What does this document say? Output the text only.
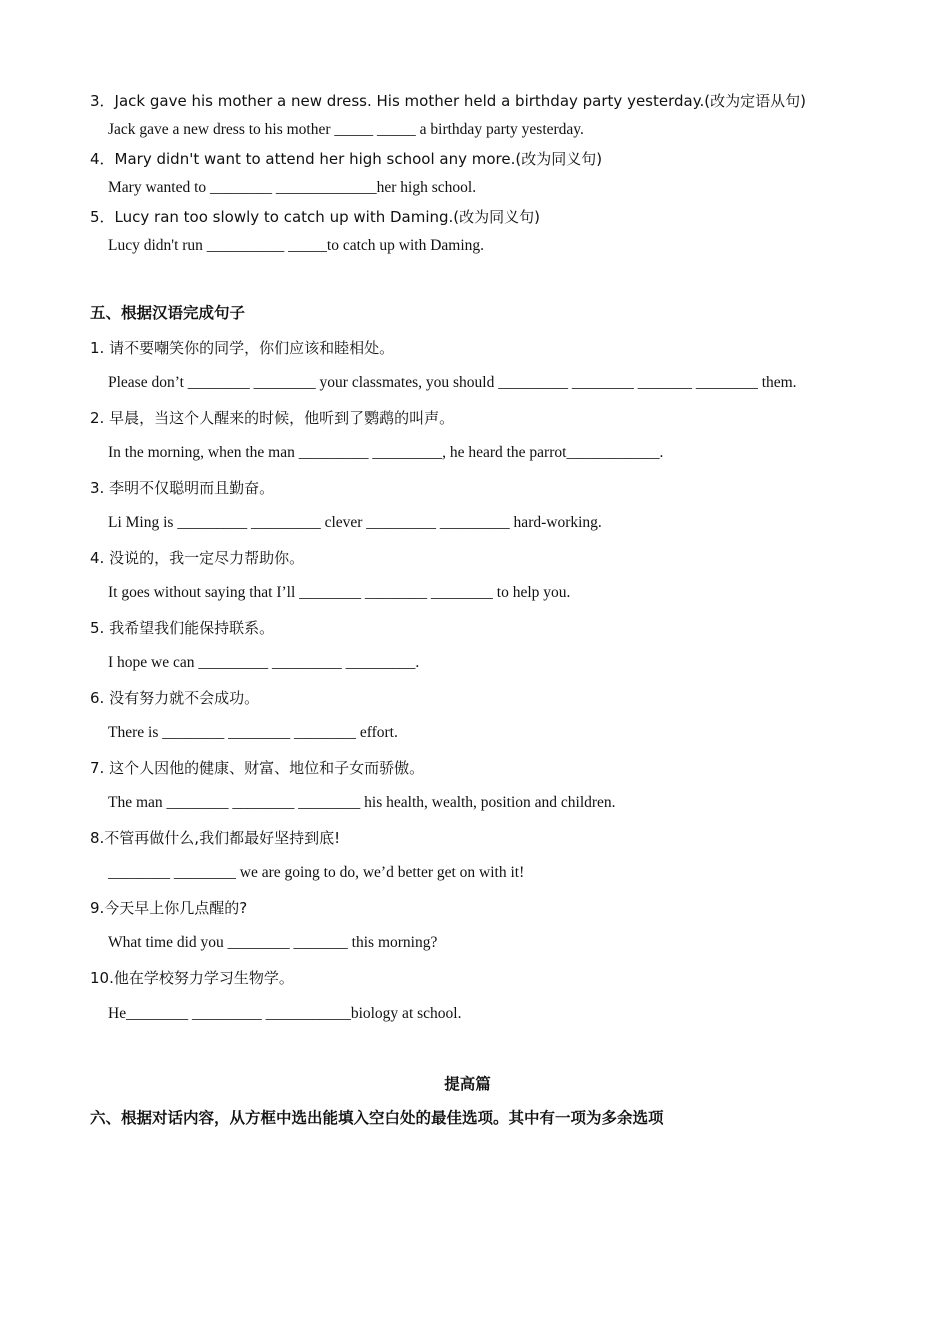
3．Jack gave his mother a new dress. His mother held a birthday party yesterday.(改为定语从句)
Jack gave a new dress to his mother _____ _____ a birthday party yesterday.
4．Mary didn't want to attend her high school any more.(改为同义句)
Mary wanted to ________ _____________her high school.
5．Lucy ran too slowly to catch up with Daming.(改为同义句)
Lucy didn't run __________ _____to catch up with Daming.
五、根据汉语完成句子
1. 请不要嘲笑你的同学，你们应该和睦相处。
Please don’t ________ ________ your classmates, you should _________ ________ _______ ________ them.
2. 早晨，当这个人醒来的时候，他听到了鹦鹉的叫声。
In the morning, when the man _________ _________, he heard the parrot____________.
3. 李明不仅聪明而且勤奋。
Li Ming is _________ _________ clever _________ _________ hard-working.
4. 没说的，我一定尽力帮助你。
It goes without saying that I’ll ________ ________ ________ to help you.
5. 我希望我们能保持联系。
I hope we can _________ _________ _________.
6. 没有努力就不会成功。
There is ________ ________ ________ effort.
7. 这个人因他的健康、财富、地位和子女而骄傲。
The man ________ ________ ________ his health, wealth, position and children.
8.不管再做什么,我们都最好坚持到底!
________ ________ we are going to do, we’d better get on with it!
9.今天早上你几点醒的?
What time did you ________ _______ this morning?
10.他在学校努力学习生物学。
He________ _________ ___________biology at school.
提高篇
六、根据对话内容，从方框中选出能填入空白处的最佳选项。其中有一项为多余选项
